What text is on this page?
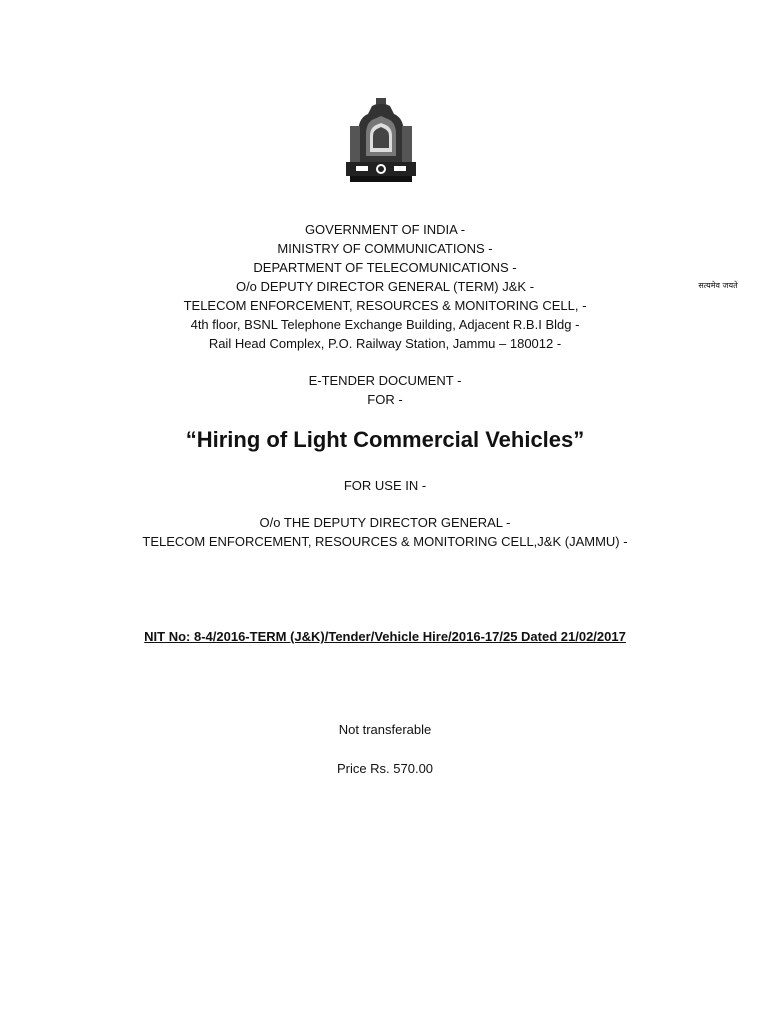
सत्यमेव जयते
GOVERNMENT OF INDIA -
MINISTRY OF COMMUNICATIONS -
DEPARTMENT OF TELECOMUNICATIONS -
O/o DEPUTY DIRECTOR GENERAL (TERM) J&K -
TELECOM ENFORCEMENT, RESOURCES & MONITORING CELL, -
4th floor, BSNL Telephone Exchange Building, Adjacent R.B.I Bldg -
Rail Head Complex, P.O. Railway Station, Jammu – 180012 -
E-TENDER DOCUMENT -
FOR -
“Hiring of Light Commercial Vehicles”
FOR USE IN -
O/o THE DEPUTY DIRECTOR GENERAL -
TELECOM ENFORCEMENT, RESOURCES & MONITORING CELL,J&K (JAMMU) -
NIT No: 8-4/2016-TERM (J&K)/Tender/Vehicle Hire/2016-17/25 Dated 21/02/2017
Not transferable
Price Rs. 570.00
